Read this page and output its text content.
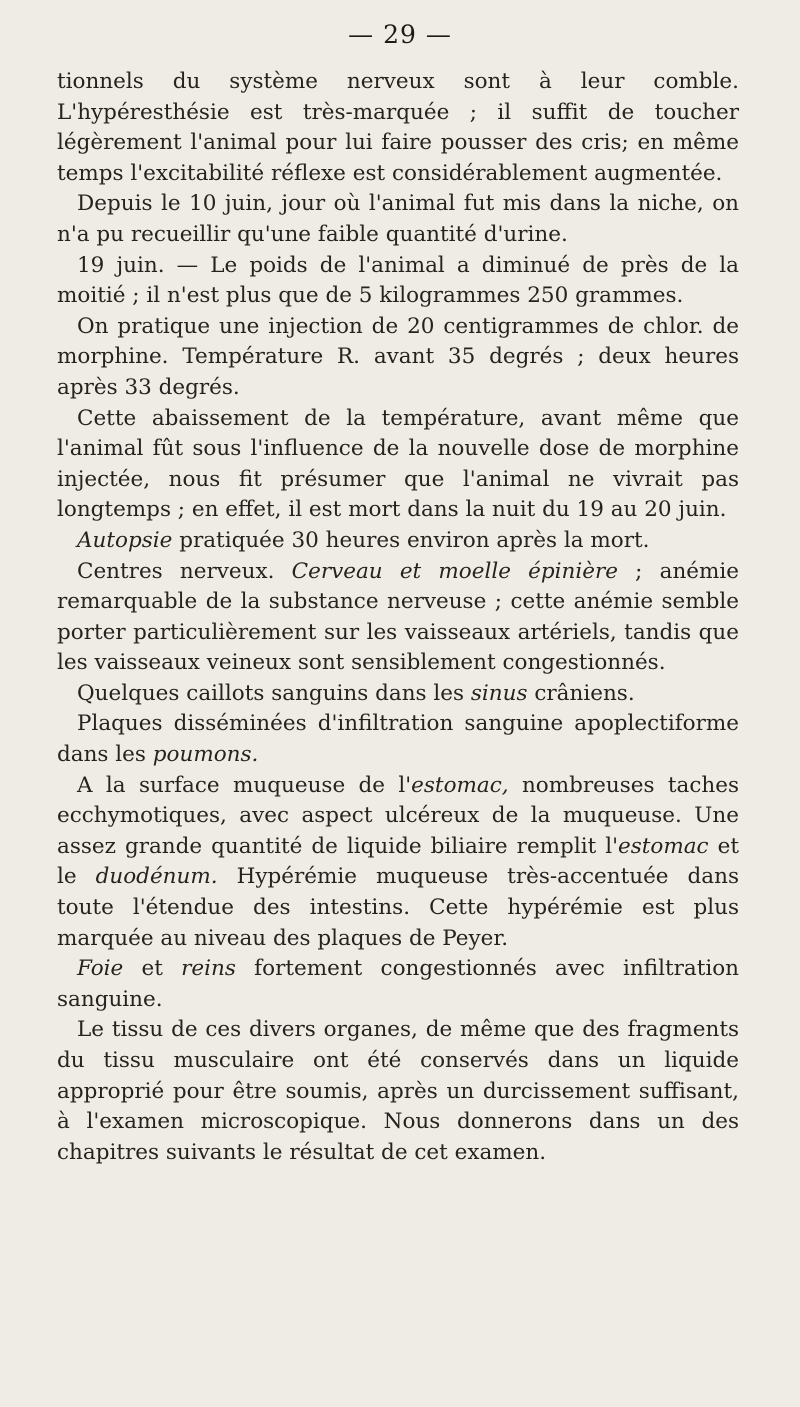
— 29 —

tionnels du système nerveux sont à leur comble. L'hypéresthésie est très-marquée ; il suffit de toucher légèrement l'animal pour lui faire pousser des cris; en même temps l'excitabilité réflexe est considérablement augmentée.

Depuis le 10 juin, jour où l'animal fut mis dans la niche, on n'a pu recueillir qu'une faible quantité d'urine.

19 juin. — Le poids de l'animal a diminué de près de la moitié ; il n'est plus que de 5 kilogrammes 250 grammes.

On pratique une injection de 20 centigrammes de chlor. de morphine. Température R. avant 35 degrés ; deux heures après 33 degrés.

Cette abaissement de la température, avant même que l'animal fût sous l'influence de la nouvelle dose de morphine injectée, nous fit présumer que l'animal ne vivrait pas longtemps ; en effet, il est mort dans la nuit du 19 au 20 juin.

Autopsie pratiquée 30 heures environ après la mort.

Centres nerveux. Cerveau et moelle épinière ; anémie remarquable de la substance nerveuse ; cette anémie semble porter particulièrement sur les vaisseaux artériels, tandis que les vaisseaux veineux sont sensiblement congestionnés.

Quelques caillots sanguins dans les sinus crâniens.

Plaques disséminées d'infiltration sanguine apoplectiforme dans les poumons.

A la surface muqueuse de l'estomac, nombreuses taches ecchymotiques, avec aspect ulcéreux de la muqueuse. Une assez grande quantité de liquide biliaire remplit l'estomac et le duodénum. Hypérémie muqueuse très-accentuée dans toute l'étendue des intestins. Cette hypérémie est plus marquée au niveau des plaques de Peyer.

Foie et reins fortement congestionnés avec infiltration sanguine.

Le tissu de ces divers organes, de même que des fragments du tissu musculaire ont été conservés dans un liquide approprié pour être soumis, après un durcissement suffisant, à l'examen microscopique. Nous donnerons dans un des chapitres suivants le résultat de cet examen.
